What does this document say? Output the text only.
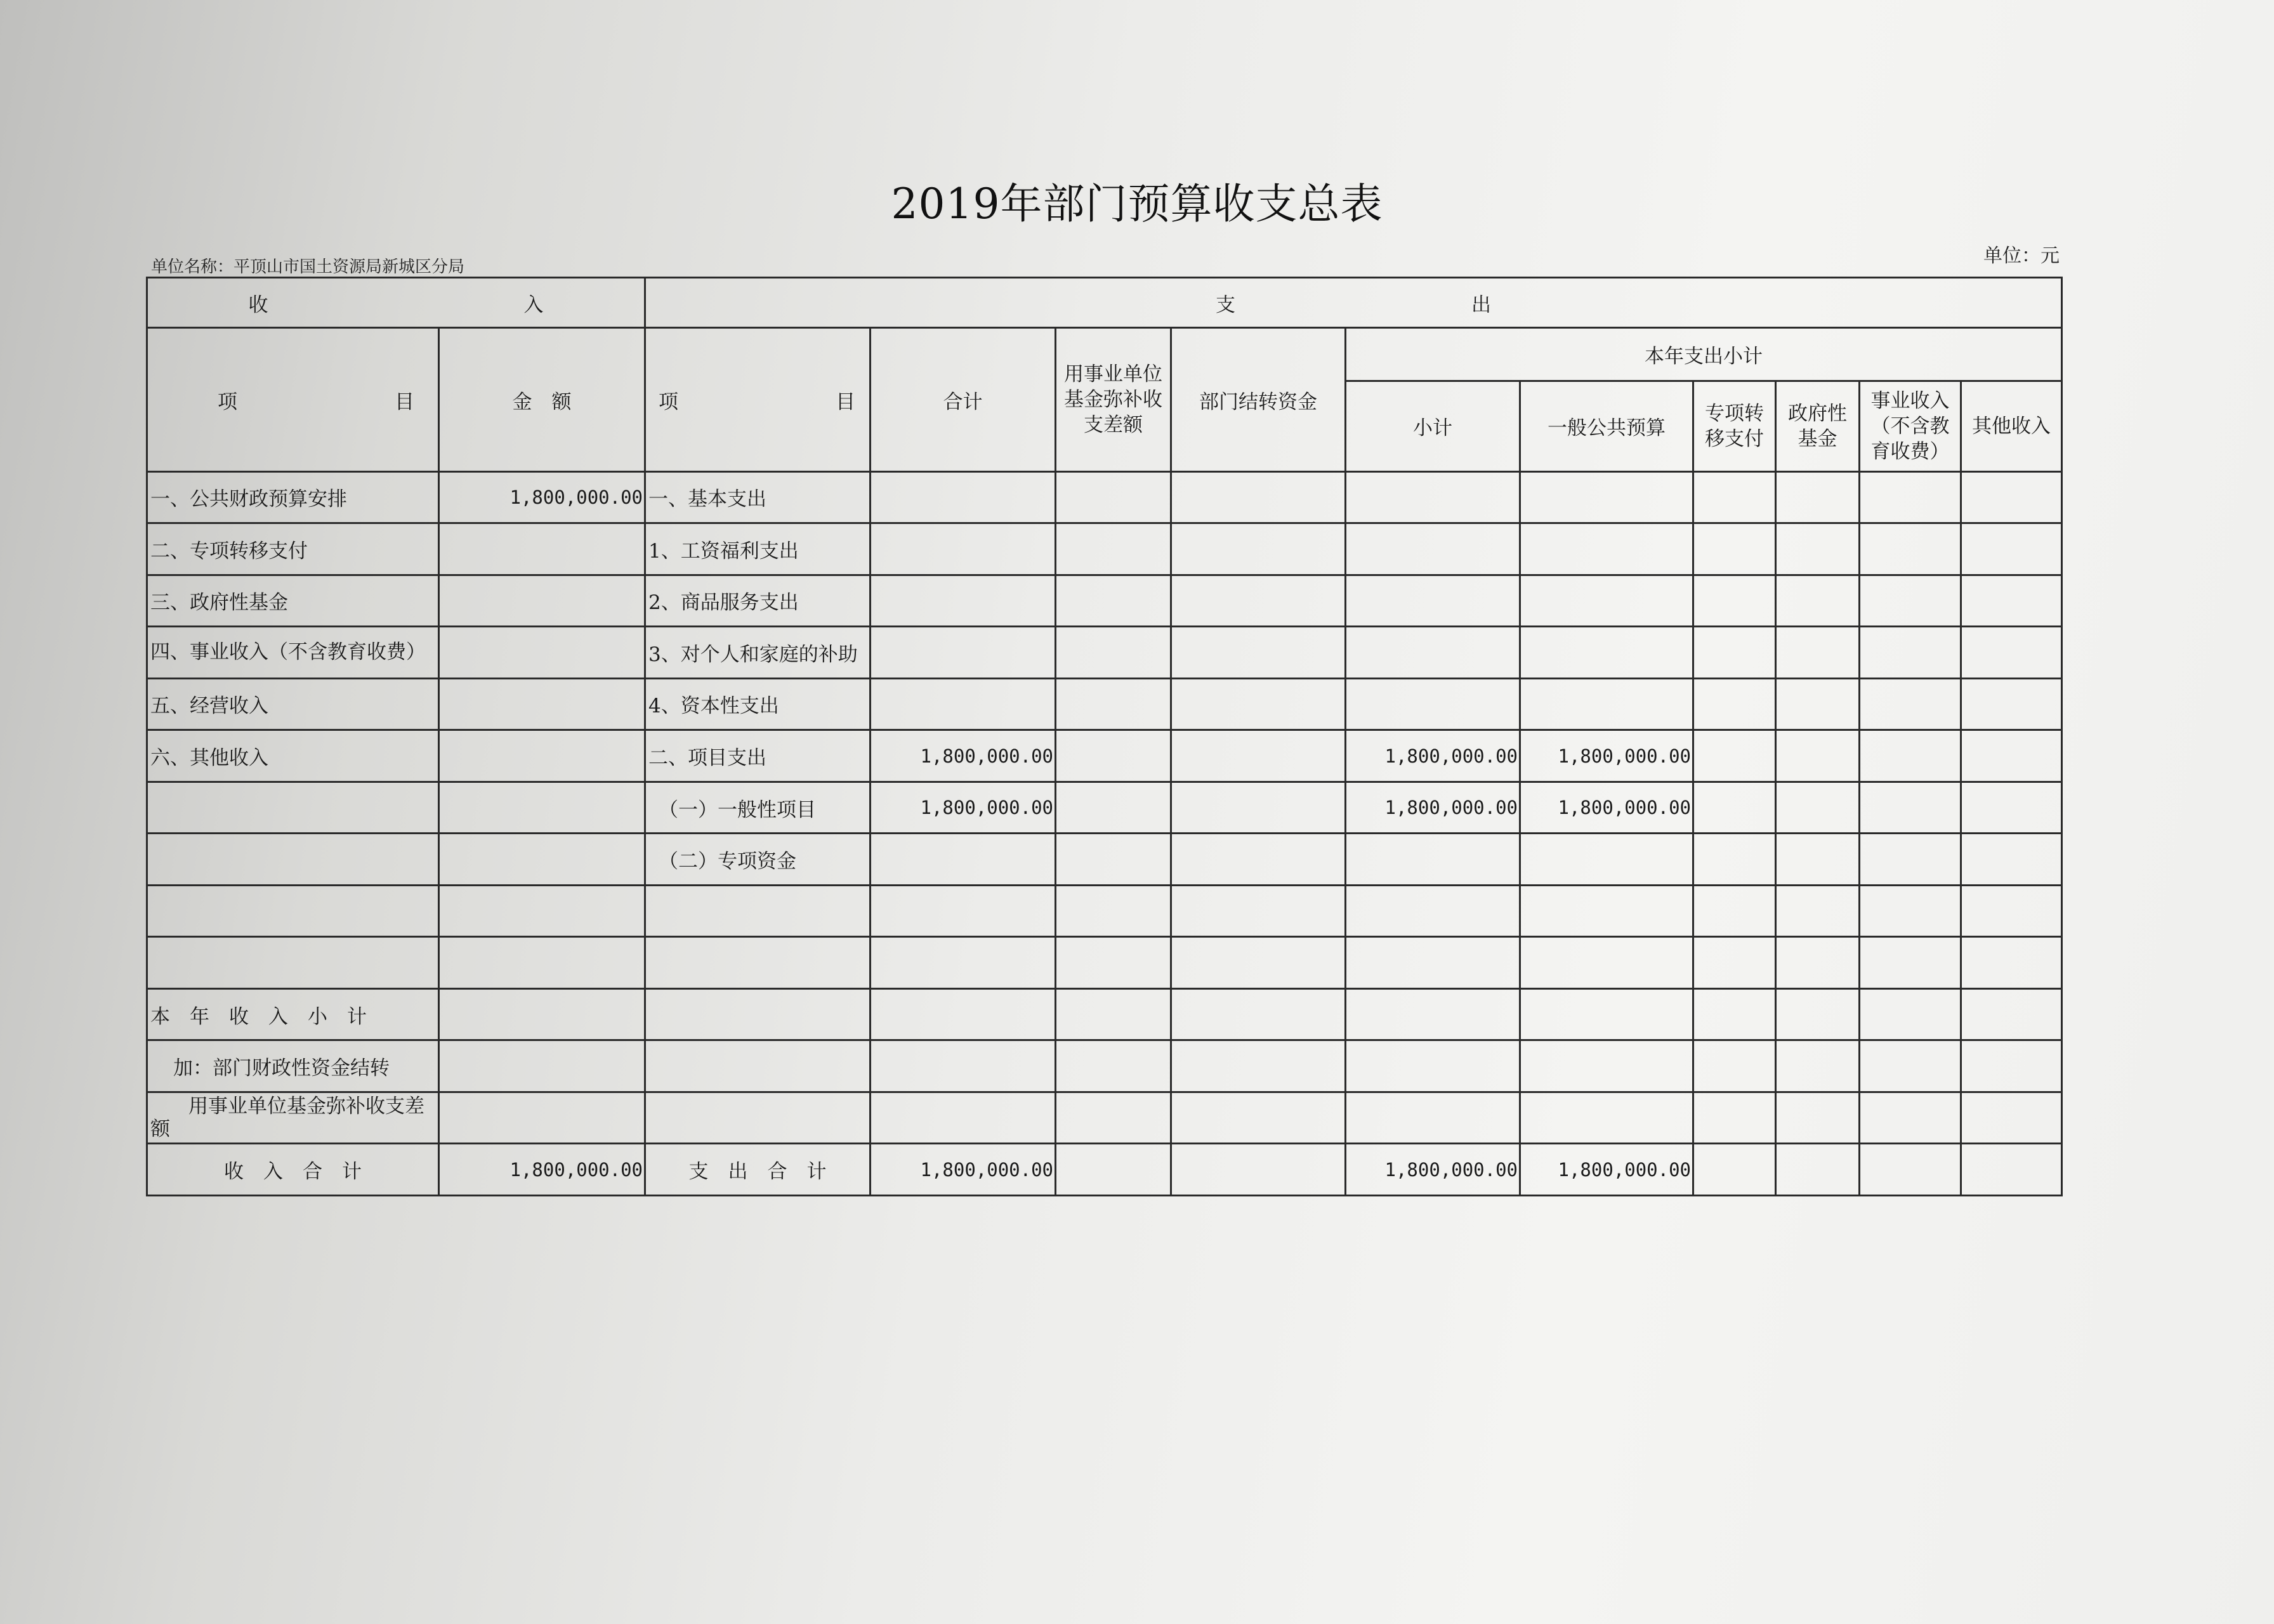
2019年部门预算收支总表
单位名称：平顶山市国土资源局新城区分局	单位：元
收　　　　　　　　　　　　　入		支　　　　　　　　　　　　出									
项　　　　　　　　目	金　额	项　　　　　　　　目	合计	用事业单位基金弥补收支差额	部门结转资金	本年支出小计					
						小计	一般公共预算	专项转移支付	政府性基金	事业收入（不含教育收费）	其他收入
一、公共财政预算安排	1,800,000.00	一、基本支出									
二、专项转移支付		1、工资福利支出									
三、政府性基金		2、商品服务支出									
四、事业收入（不含教育收费）		3、对个人和家庭的补助									
五、经营收入		4、资本性支出									
六、其他收入		二、项目支出	1,800,000.00			1,800,000.00	1,800,000.00				
		（一）一般性项目	1,800,000.00			1,800,000.00	1,800,000.00				
		（二）专项资金									

本　年　收　入　小　计											
加：部门财政性资金结转											
用事业单位基金弥补收支差额											
收　入　合　计	1,800,000.00	支　出　合　计	1,800,000.00			1,800,000.00	1,800,000.00				
